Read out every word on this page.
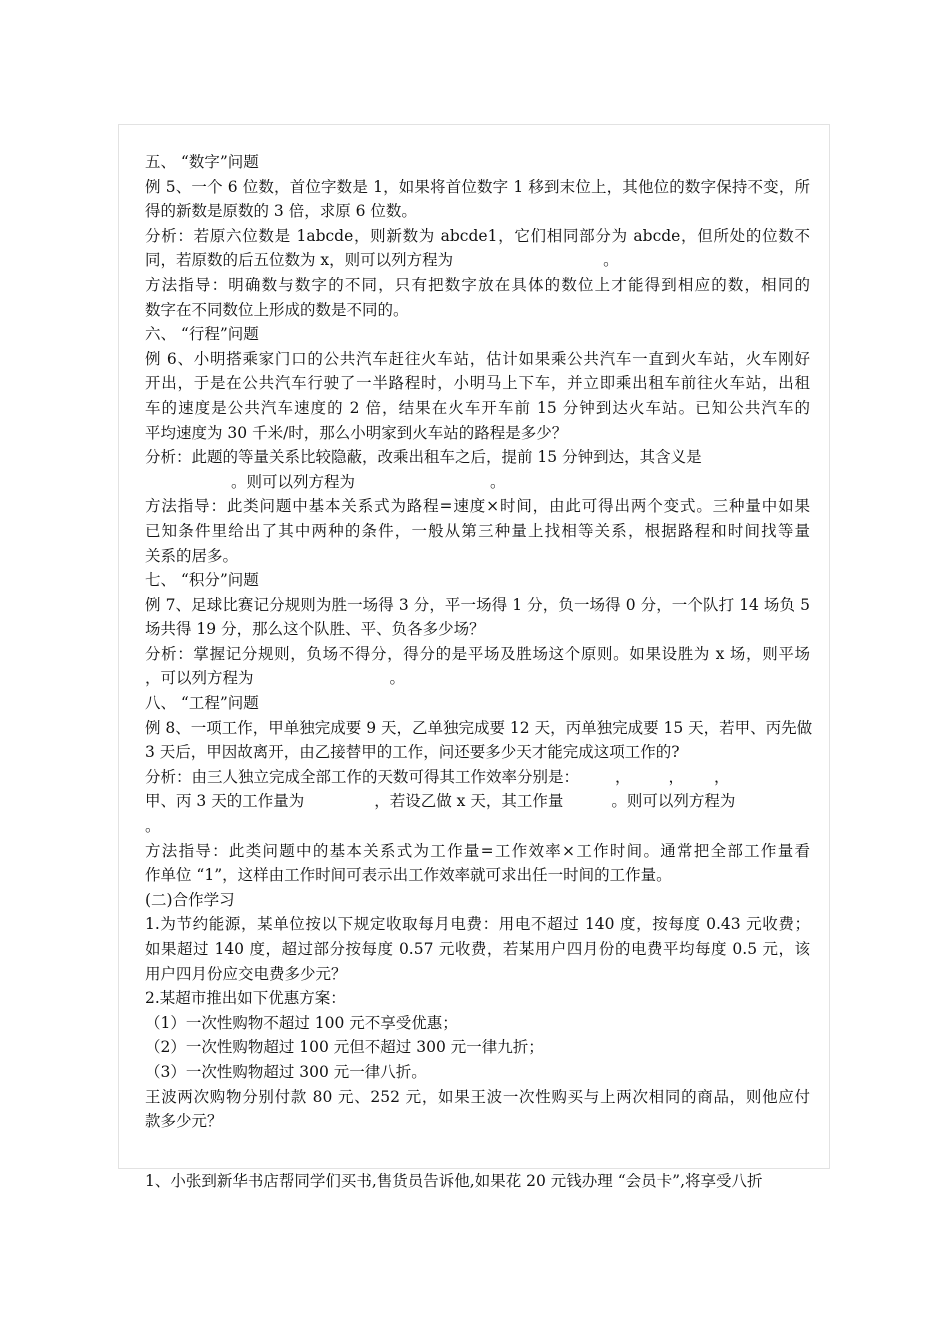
五、 “数字”问题
例 5、一个 6 位数，首位字数是 1，如果将首位数字 1 移到末位上，其他位的数字保持不变，所
得的新数是原数的 3 倍，求原 6 位数。
分析：若原六位数是 1abcde，则新数为 abcde1，它们相同部分为 abcde，但所处的位数不
同，若原数的后五位数为 x，则可以列方程为	。
方法指导：明确数与数字的不同，只有把数字放在具体的数位上才能得到相应的数，相同的
数字在不同数位上形成的数是不同的。
六、 “行程”问题
例 6、小明搭乘家门口的公共汽车赶往火车站，估计如果乘公共汽车一直到火车站，火车刚好
开出，于是在公共汽车行驶了一半路程时，小明马上下车，并立即乘出租车前往火车站，出租
车的速度是公共汽车速度的 2 倍，结果在火车开车前 15 分钟到达火车站。已知公共汽车的
平均速度为 30 千米/时，那么小明家到火车站的路程是多少？
分析：此题的等量关系比较隐蔽，改乘出租车之后，提前 15 分钟到达，其含义是
。则可以列方程为	。
方法指导：此类问题中基本关系式为路程=速度×时间，由此可得出两个变式。三种量中如果
已知条件里给出了其中两种的条件，一般从第三种量上找相等关系，根据路程和时间找等量
关系的居多。
七、 “积分”问题
例 7、足球比赛记分规则为胜一场得 3 分，平一场得 1 分，负一场得 0 分，一个队打 14 场负 5
场共得 19 分，那么这个队胜、平、负各多少场？
分析：掌握记分规则，负场不得分，得分的是平场及胜场这个原则。如果设胜为 x 场，则平场
，可以列方程为	。
八、 “工程”问题
例 8、一项工作，甲单独完成要 9 天，乙单独完成要 12 天，丙单独完成要 15 天，若甲、丙先做
3 天后，甲因故离开，由乙接替甲的工作，问还要多少天才能完成这项工作的?
分析：由三人独立完成全部工作的天数可得其工作效率分别是： ， ， ，
甲、丙 3 天的工作量为	，若设乙做 x 天，其工作量	。则可以列方程为
。
方法指导：此类问题中的基本关系式为工作量=工作效率×工作时间。通常把全部工作量看
作单位 “1”，这样由工作时间可表示出工作效率就可求出任一时间的工作量。
(二)合作学习
1.为节约能源，某单位按以下规定收取每月电费：用电不超过 140 度，按每度 0.43 元收费；
如果超过 140 度，超过部分按每度 0.57 元收费，若某用户四月份的电费平均每度 0.5 元，该
用户四月份应交电费多少元？
2.某超市推出如下优惠方案：
（1）一次性购物不超过 100 元不享受优惠；
（2）一次性购物超过 100 元但不超过 300 元一律九折；
（3）一次性购物超过 300 元一律八折。
王波两次购物分别付款 80 元、252 元，如果王波一次性购买与上两次相同的商品，则他应付
款多少元？
1、小张到新华书店帮同学们买书,售货员告诉他,如果花 20 元钱办理 “会员卡”,将享受八折
